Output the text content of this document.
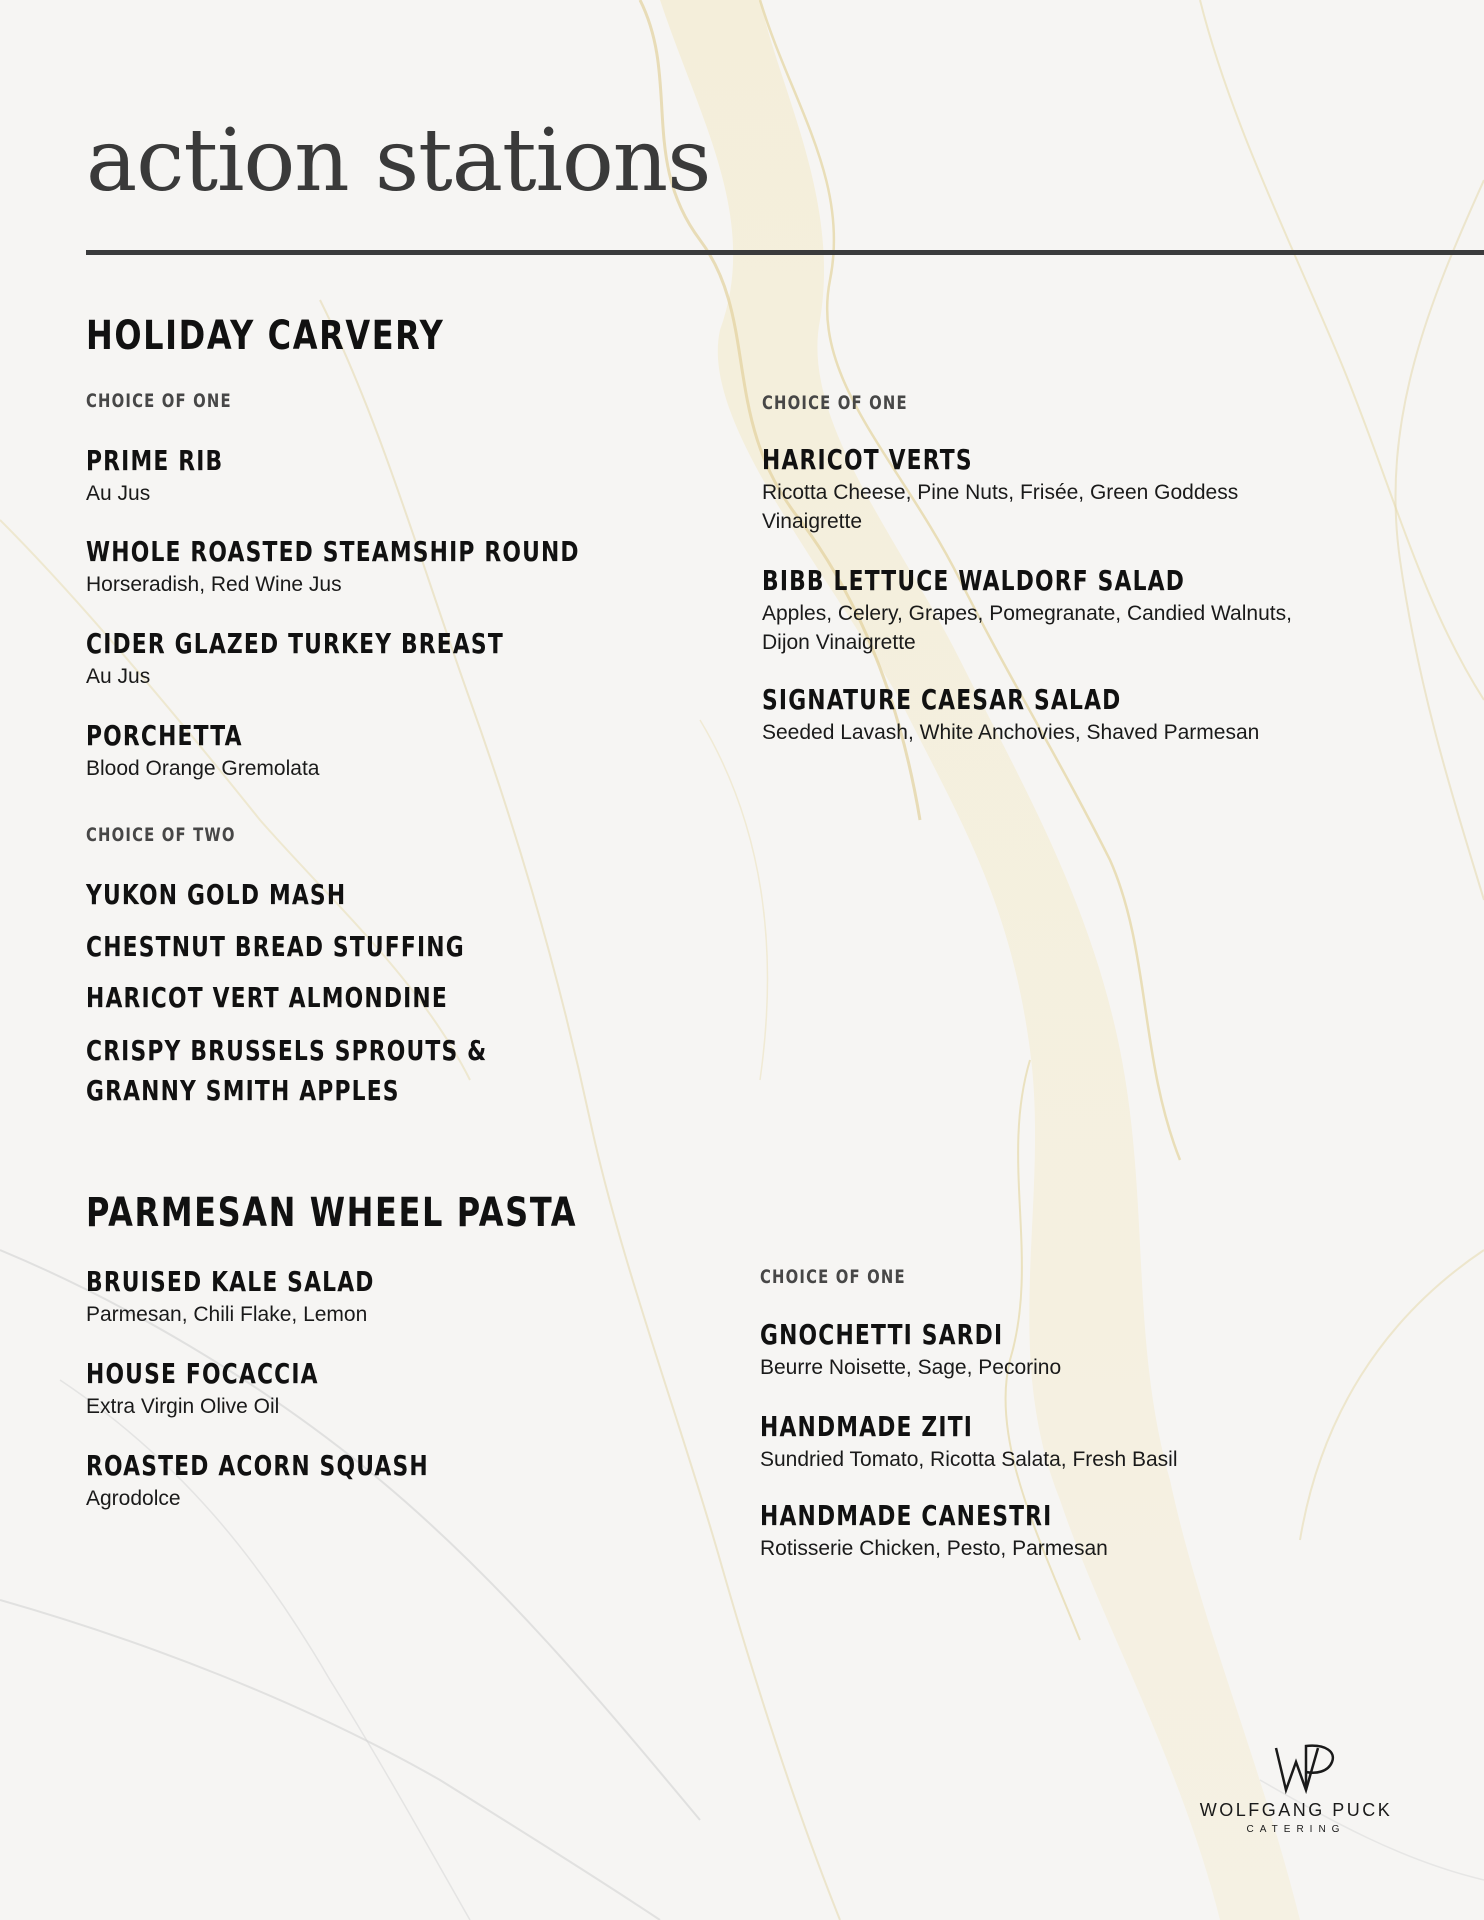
action stations
HOLIDAY CARVERY
CHOICE OF ONE
PRIME RIB
Au Jus
WHOLE ROASTED STEAMSHIP ROUND
Horseradish, Red Wine Jus
CIDER GLAZED TURKEY BREAST
Au Jus
PORCHETTA
Blood Orange Gremolata
CHOICE OF TWO
YUKON GOLD MASH
CHESTNUT BREAD STUFFING
HARICOT VERT ALMONDINE
CRISPY BRUSSELS SPROUTS &
GRANNY SMITH APPLES
CHOICE OF ONE
HARICOT VERTS
Ricotta Cheese, Pine Nuts, Frisée, Green Goddess
Vinaigrette
BIBB LETTUCE WALDORF SALAD
Apples, Celery, Grapes, Pomegranate, Candied Walnuts,
Dijon Vinaigrette
SIGNATURE CAESAR SALAD
Seeded Lavash, White Anchovies, Shaved Parmesan
PARMESAN WHEEL PASTA
BRUISED KALE SALAD
Parmesan, Chili Flake, Lemon
HOUSE FOCACCIA
Extra Virgin Olive Oil
ROASTED ACORN SQUASH
Agrodolce
CHOICE OF ONE
GNOCHETTI SARDI
Beurre Noisette, Sage, Pecorino
HANDMADE ZITI
Sundried Tomato, Ricotta Salata, Fresh Basil
HANDMADE CANESTRI
Rotisserie Chicken, Pesto, Parmesan
WOLFGANG PUCK
CATERING
